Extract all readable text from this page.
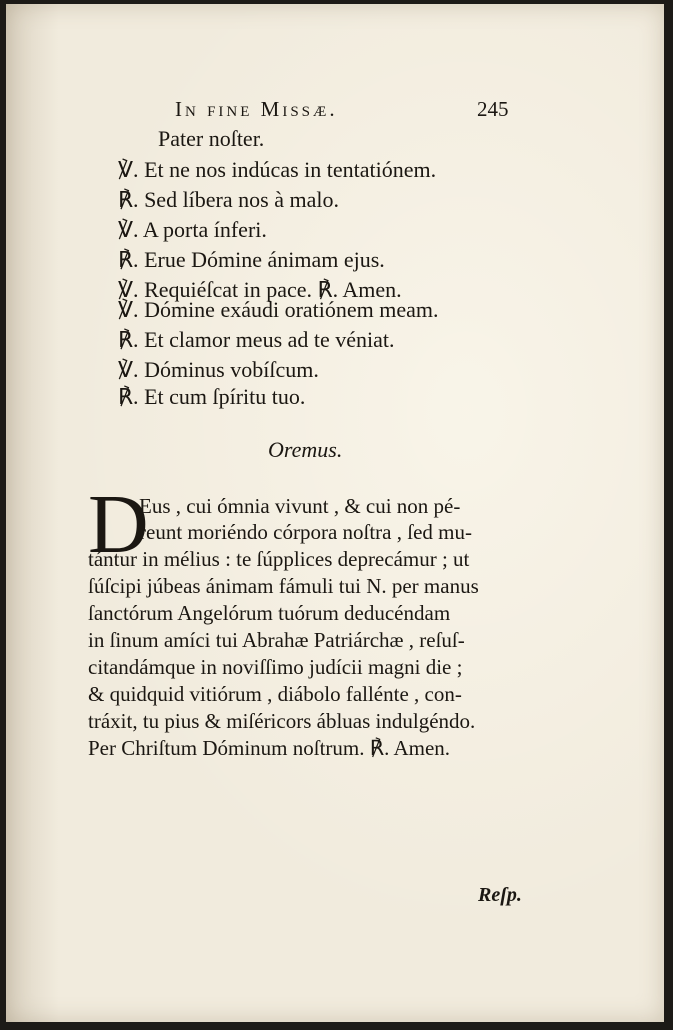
In fine Missæ.	245
Pater noſter.
℣. Et ne nos indúcas in tentatiónem.
℟. Sed líbera nos à malo.
℣. A porta ínferi.
℟. Erue Dómine ánimam ejus.
℣. Requiéſcat in pace. ℟. Amen.
℣. Dómine exáudi oratiónem meam.
℟. Et clamor meus ad te véniat.
℣. Dóminus vobíſcum.
℟. Et cum ſpíritu tuo.
Oremus.
D
Eus , cui ómnia vivunt , & cui non pé-
reunt moriéndo córpora noſtra , ſed mu-
tántur in mélius : te ſúpplices deprecámur ; ut
ſúſcipi júbeas ánimam fámuli tui N. per manus
ſanctórum Angelórum tuórum deducéndam
in ſinum amíci tui Abrahæ Patriárchæ , reſuſ-
citandámque in noviſſimo judícii magni die ;
& quidquid vitiórum , diábolo fallénte , con-
tráxit, tu pius & miſéricors ábluas indulgéndo.
Per Chriſtum Dóminum noſtrum. ℟. Amen.
Reſp.
